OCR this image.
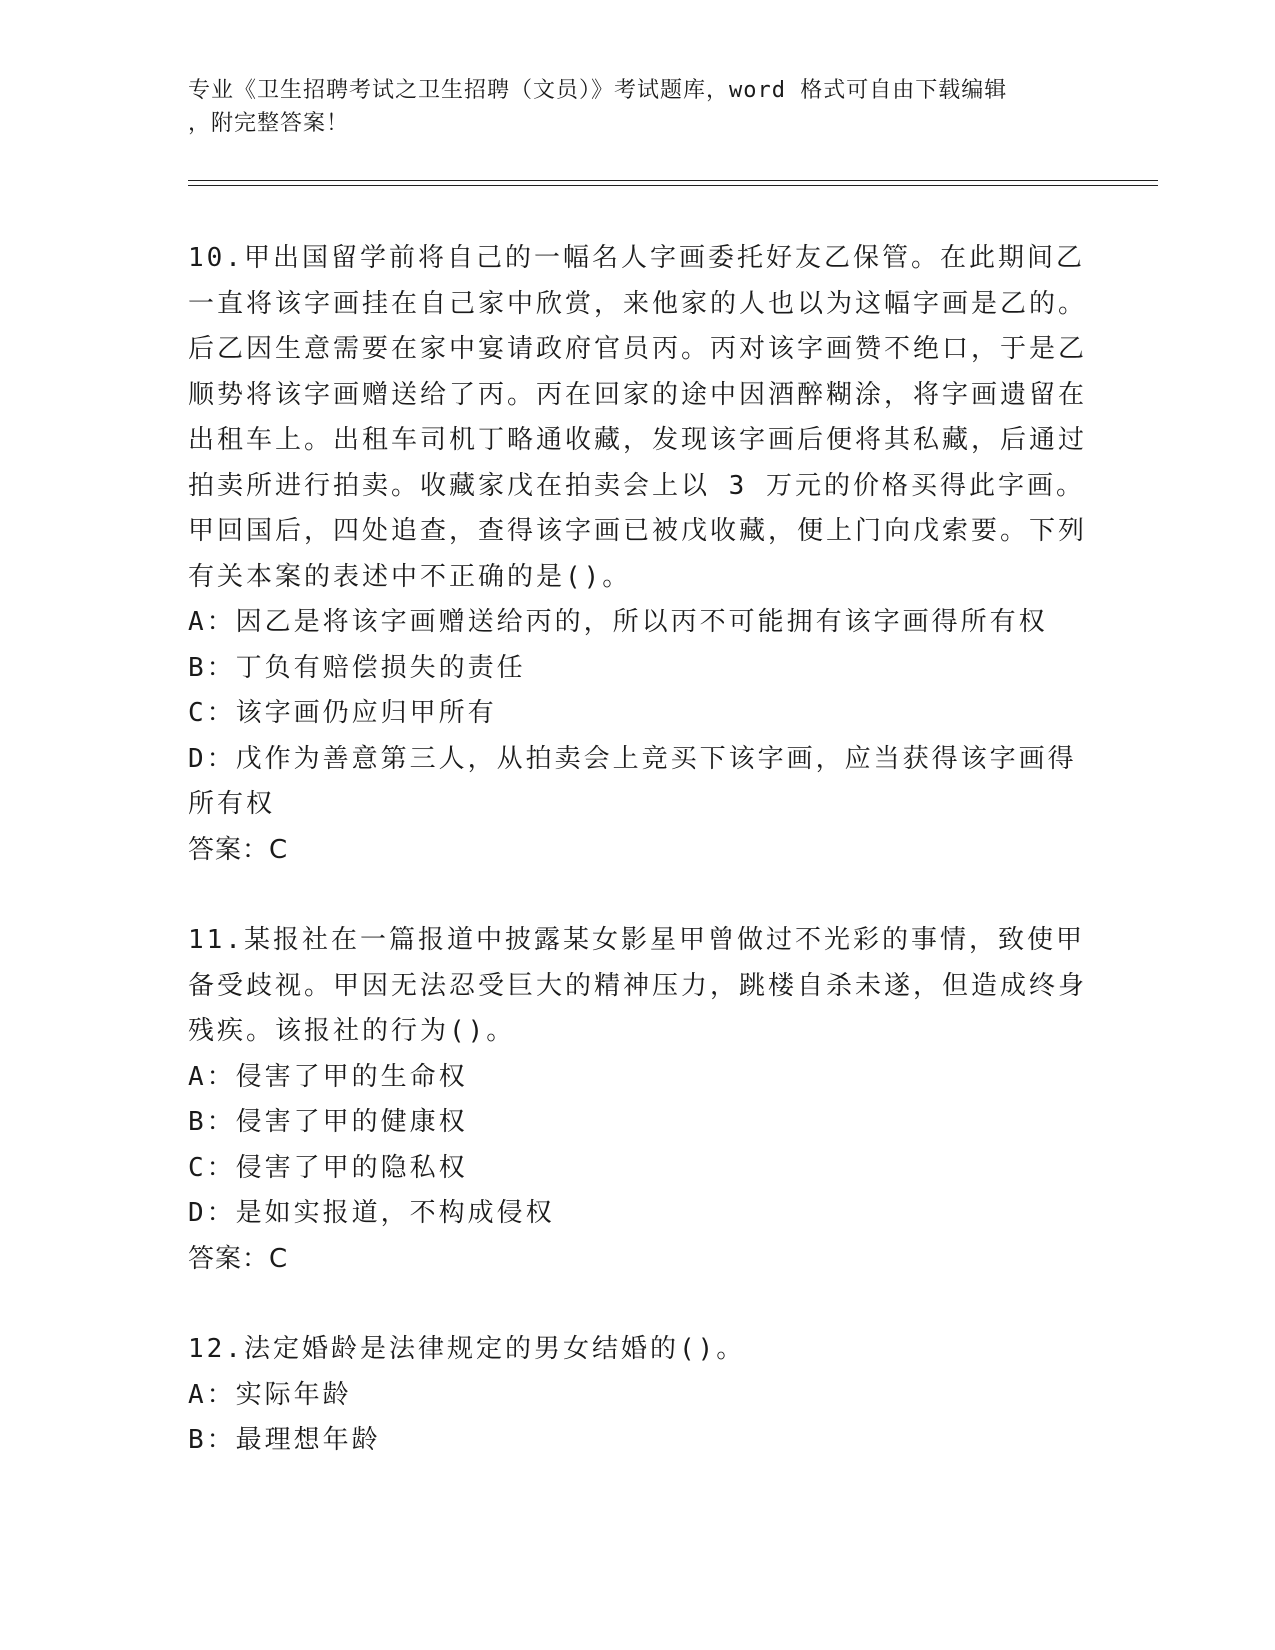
专业《卫生招聘考试之卫生招聘（文员）》考试题库，word 格式可自由下载编辑
，附完整答案！

10.甲出国留学前将自己的一幅名人字画委托好友乙保管。在此期间乙一直将该字画挂在自己家中欣赏，来他家的人也以为这幅字画是乙的。后乙因生意需要在家中宴请政府官员丙。丙对该字画赞不绝口，于是乙顺势将该字画赠送给了丙。丙在回家的途中因酒醉糊涂，将字画遗留在出租车上。出租车司机丁略通收藏，发现该字画后便将其私藏，后通过拍卖所进行拍卖。收藏家戊在拍卖会上以 3 万元的价格买得此字画。甲回国后，四处追查，查得该字画已被戊收藏，便上门向戊索要。下列有关本案的表述中不正确的是()。

A：因乙是将该字画赠送给丙的，所以丙不可能拥有该字画得所有权

B：丁负有赔偿损失的责任

C：该字画仍应归甲所有

D：戊作为善意第三人，从拍卖会上竞买下该字画，应当获得该字画得所有权

答案：C

11.某报社在一篇报道中披露某女影星甲曾做过不光彩的事情，致使甲备受歧视。甲因无法忍受巨大的精神压力，跳楼自杀未遂，但造成终身残疾。该报社的行为()。

A：侵害了甲的生命权

B：侵害了甲的健康权

C：侵害了甲的隐私权

D：是如实报道，不构成侵权

答案：C

12.法定婚龄是法律规定的男女结婚的()。

A：实际年龄

B：最理想年龄
